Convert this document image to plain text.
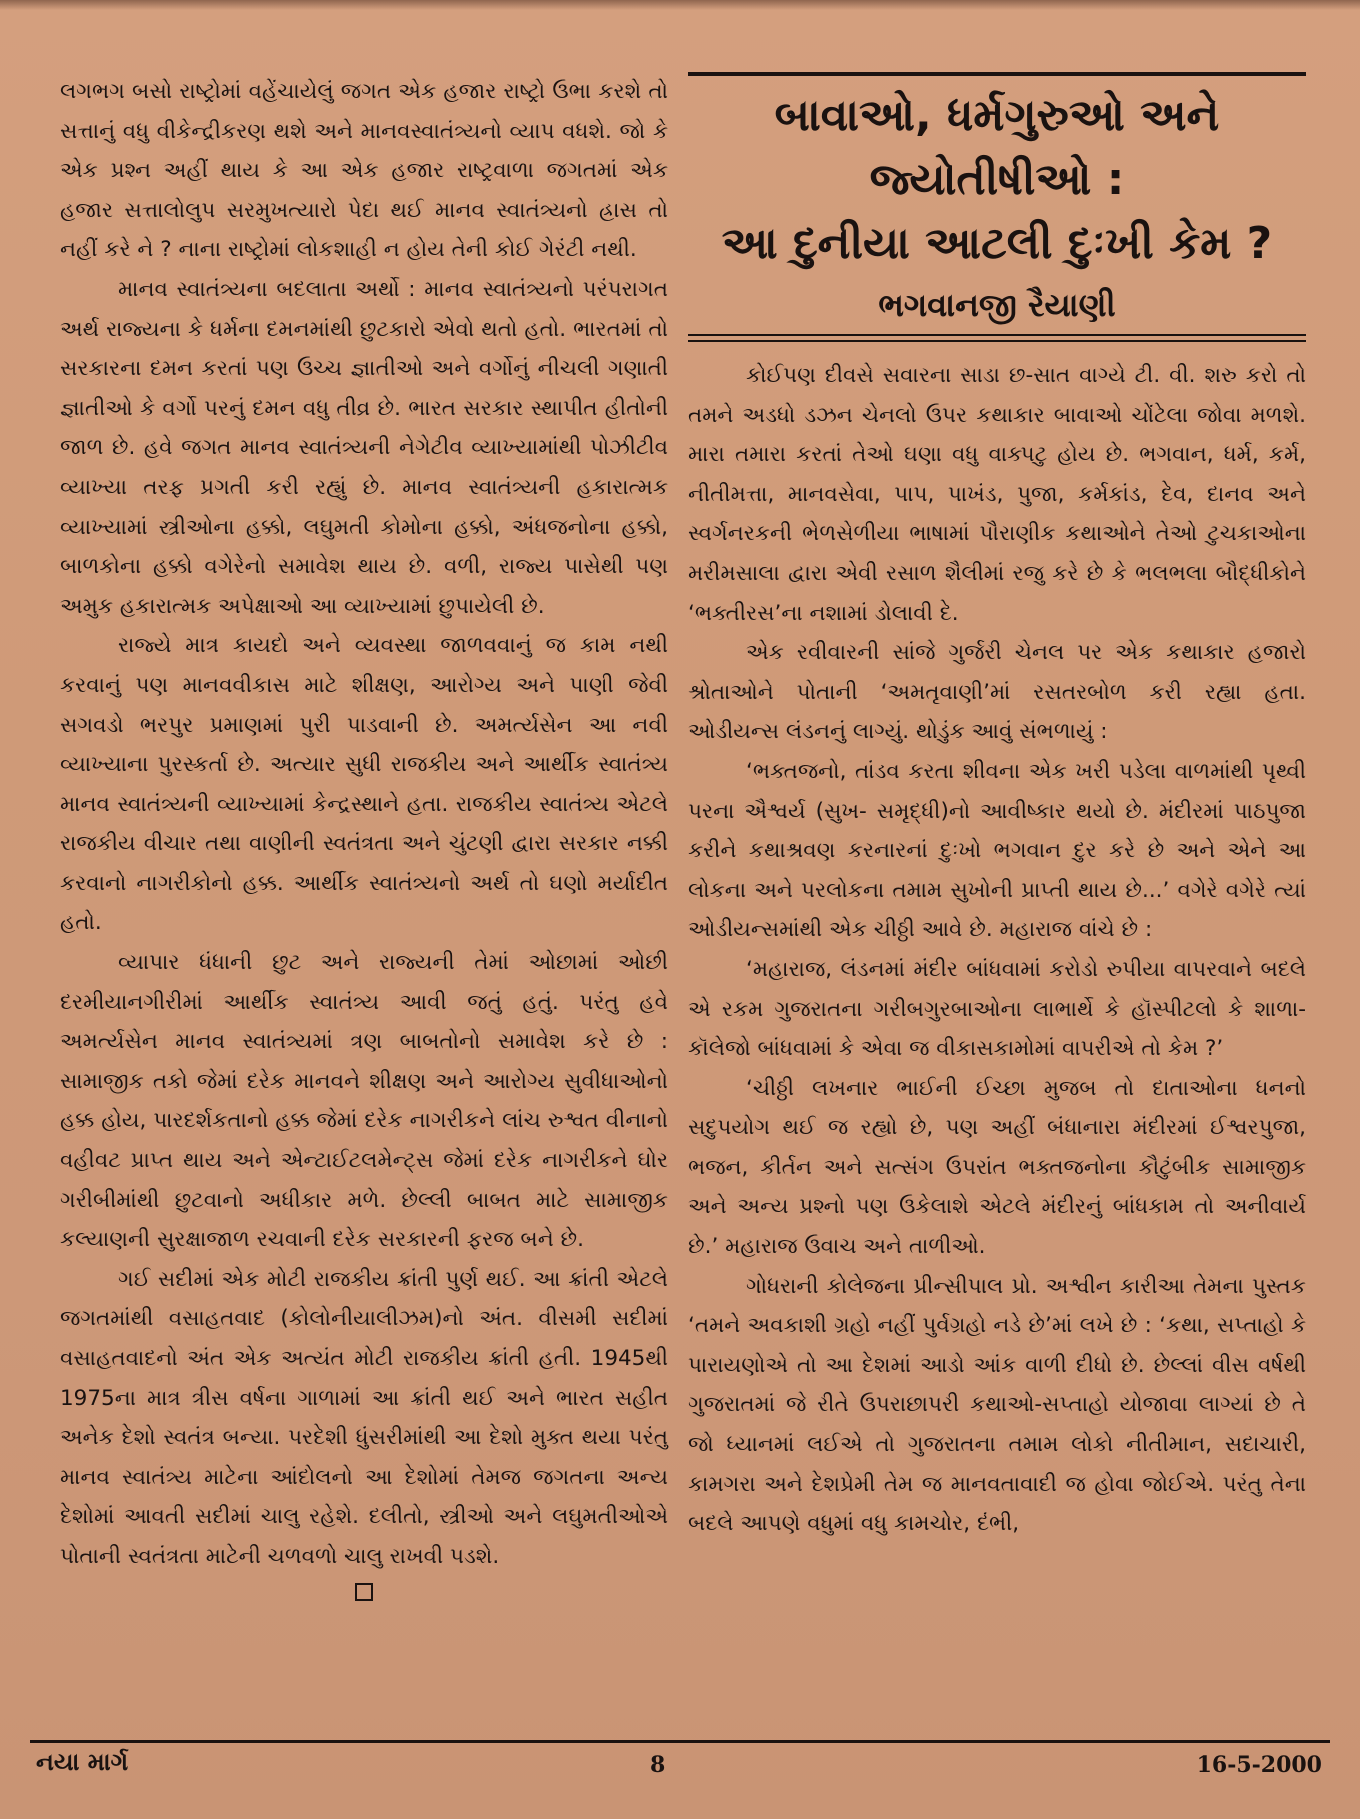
લગભગ બસો રાષ્ટ્રોમાં વહેંચાયેલું જગત એક હજાર રાષ્ટ્રો ઉભા કરશે તો સત્તાનું વધુ વીકેન્દ્રીકરણ થશે અને માનવસ્વાતંત્ર્યનો વ્યાપ વધશે. જો કે એક પ્રશ્ન અહીં થાય કે આ એક હજાર રાષ્ટ્રવાળા જગતમાં એક હજાર સત્તાલોલુપ સરમુખત્યારો પેદા થઈ માનવ સ્વાતંત્ર્યનો હ્રાસ તો નહીં કરે ને ? નાના રાષ્ટ્રોમાં લોકશાહી ન હોય તેની કોઈ ગેરંટી નથી.

માનવ સ્વાતંત્ર્યના બદલાતા અર્થો : માનવ સ્વાતંત્ર્યનો પરંપરાગત અર્થ રાજ્યના કે ધર્મના દમનમાંથી છુટકારો એવો થતો હતો. ભારતમાં તો સરકારના દમન કરતાં પણ ઉચ્ચ જ્ઞાતીઓ અને વર્ગોનું નીચલી ગણાતી જ્ઞાતીઓ કે વર્ગો પરનું દમન વધુ તીવ્ર છે. ભારત સરકાર સ્થાપીત હીતોની જાળ છે. હવે જગત માનવ સ્વાતંત્ર્યની નેગેટીવ વ્યાખ્યામાંથી પોઝીટીવ વ્યાખ્યા તરફ પ્રગતી કરી રહ્યું છે. માનવ સ્વાતંત્ર્યની હકારાત્મક વ્યાખ્યામાં સ્ત્રીઓના હક્કો, લઘુમતી કોમોના હક્કો, અંધજનોના હક્કો, બાળકોના હક્કો વગેરેનો સમાવેશ થાય છે. વળી, રાજ્ય પાસેથી પણ અમુક હકારાત્મક અપેક્ષાઓ આ વ્યાખ્યામાં છુપાયેલી છે.

રાજ્યે માત્ર કાયદો અને વ્યવસ્થા જાળવવાનું જ કામ નથી કરવાનું પણ માનવવીકાસ માટે શીક્ષણ, આરોગ્ય અને પાણી જેવી સગવડો ભરપુર પ્રમાણમાં પુરી પાડવાની છે. અમર્ત્યસેન આ નવી વ્યાખ્યાના પુરસ્કર્તા છે. અત્યાર સુધી રાજકીય અને આર્થીક સ્વાતંત્ર્ય માનવ સ્વાતંત્ર્યની વ્યાખ્યામાં કેન્દ્રસ્થાને હતા. રાજકીય સ્વાતંત્ર્ય એટલે રાજકીય વીચાર તથા વાણીની સ્વતંત્રતા અને ચુંટણી દ્વારા સરકાર નક્કી કરવાનો નાગરીકોનો હક્ક. આર્થીક સ્વાતંત્ર્યનો અર્થ તો ઘણો મર્યાદીત હતો.

વ્યાપાર ધંધાની છુટ અને રાજ્યની તેમાં ઓછામાં ઓછી દરમીયાનગીરીમાં આર્થીક સ્વાતંત્ર્ય આવી જતું હતું. પરંતુ હવે અમર્ત્યસેન માનવ સ્વાતંત્ર્યમાં ત્રણ બાબતોનો સમાવેશ કરે છે : સામાજીક તકો જેમાં દરેક માનવને શીક્ષણ અને આરોગ્ય સુવીધાઓનો હક્ક હોય, પારદર્શકતાનો હક્ક જેમાં દરેક નાગરીકને લાંચ રુશ્વત વીનાનો વહીવટ પ્રાપ્ત થાય અને એન્ટાઈટલમેન્ટ્સ જેમાં દરેક નાગરીકને ઘોર ગરીબીમાંથી છુટવાનો અધીકાર મળે. છેલ્લી બાબત માટે સામાજીક કલ્યાણની સુરક્ષાજાળ રચવાની દરેક સરકારની ફરજ બને છે.

ગઈ સદીમાં એક મોટી રાજકીય ક્રાંતી પુર્ણ થઈ. આ ક્રાંતી એટલે જગતમાંથી વસાહતવાદ (કોલોનીયાલીઝમ)નો અંત. વીસમી સદીમાં વસાહતવાદનો અંત એક અત્યંત મોટી રાજકીય ક્રાંતી હતી. 1945થી 1975ના માત્ર ત્રીસ વર્ષના ગાળામાં આ ક્રાંતી થઈ અને ભારત સહીત અનેક દેશો સ્વતંત્ર બન્યા. પરદેશી ધુંસરીમાંથી આ દેશો મુક્ત થયા પરંતુ માનવ સ્વાતંત્ર્ય માટેના આંદોલનો આ દેશોમાં તેમજ જગતના અન્ય દેશોમાં આવતી સદીમાં ચાલુ રહેશે. દલીતો, સ્ત્રીઓ અને લઘુમતીઓએ પોતાની સ્વતંત્રતા માટેની ચળવળો ચાલુ રાખવી પડશે.

બાવાઓ, ધર્મગુરુઓ અને જ્યોતીષીઓ :
આ દુનીયા આટલી દુઃખી કેમ ?
ભગવાનજી રૈયાણી

કોઈપણ દીવસે સવારના સાડા છ-સાત વાગ્યે ટી. વી. શરુ કરો તો તમને અડધો ડઝન ચેનલો ઉપર કથાકાર બાવાઓ ચોંટેલા જોવા મળશે. મારા તમારા કરતાં તેઓ ઘણા વધુ વાક્પટુ હોય છે. ભગવાન, ધર્મ, કર્મ, નીતીમત્તા, માનવસેવા, પાપ, પાખંડ, પુજા, કર્મકાંડ, દેવ, દાનવ અને સ્વર્ગનરકની ભેળસેળીયા ભાષામાં પૌરાણીક કથાઓને તેઓ ટુચકાઓના મરીમસાલા દ્વારા એવી રસાળ શૈલીમાં રજુ કરે છે કે ભલભલા બૌદ્ધીકોને ‘ભક્તીરસ’ના નશામાં ડોલાવી દે.

એક રવીવારની સાંજે ગુર્જરી ચેનલ પર એક કથાકાર હજારો શ્રોતાઓને પોતાની ‘અમતૃવાણી’માં રસતરબોળ કરી રહ્યા હતા. ઓડીયન્સ લંડનનું લાગ્યું. થોડુંક આવું સંભળાયું :

‘ભક્તજનો, તાંડવ કરતા શીવના એક ખરી પડેલા વાળમાંથી પૃથ્વી પરના ઐશ્વર્ય (સુખ- સમૃદ્ધી)નો આવીષ્કાર થયો છે. મંદીરમાં પાઠપુજા કરીને કથાશ્રવણ કરનારનાં દુઃખો ભગવાન દુર કરે છે અને એને આ લોકના અને પરલોકના તમામ સુખોની પ્રાપ્તી થાય છે...’ વગેરે વગેરે ત્યાં ઓડીયન્સમાંથી એક ચીઠ્ઠી આવે છે. મહારાજ વાંચે છે :

‘મહારાજ, લંડનમાં મંદીર બાંધવામાં કરોડો રુપીયા વાપરવાને બદલે એ રકમ ગુજરાતના ગરીબગુરબાઓના લાભાર્થે કે હૉસ્પીટલો કે શાળા-કૉલેજો બાંધવામાં કે એવા જ વીકાસકામોમાં વાપરીએ તો કેમ ?’

‘ચીઠ્ઠી લખનાર ભાઈની ઈચ્છા મુજબ તો દાતાઓના ધનનો સદુપયોગ થઈ જ રહ્યો છે, પણ અહીં બંધાનારા મંદીરમાં ઈશ્વરપુજા, ભજન, કીર્તન અને સત્સંગ ઉપરાંત ભક્તજનોના કૌટુંબીક સામાજીક અને અન્ય પ્રશ્નો પણ ઉકેલાશે એટલે મંદીરનું બાંધકામ તો અનીવાર્ય છે.’ મહારાજ ઉવાચ અને તાળીઓ.

ગોધરાની કોલેજના પ્રીન્સીપાલ પ્રો. અશ્વીન કારીઆ તેમના પુસ્તક ‘તમને અવકાશી ગ્રહો નહીં પુર્વગ્રહો નડે છે’માં લખે છે : ‘કથા, સપ્તાહો કે પારાયણોએ તો આ દેશમાં આડો આંક વાળી દીધો છે. છેલ્લાં વીસ વર્ષથી ગુજરાતમાં જે રીતે ઉપરાછાપરી કથાઓ-સપ્તાહો યોજાવા લાગ્યાં છે તે જો ધ્યાનમાં લઈએ તો ગુજરાતના તમામ લોકો નીતીમાન, સદાચારી, કામગરા અને દેશપ્રેમી તેમ જ માનવતાવાદી જ હોવા જોઈએ. પરંતુ તેના બદલે આપણે વધુમાં વધુ કામચોર, દંભી,

નયા માર્ગ	8	16-5-2000
